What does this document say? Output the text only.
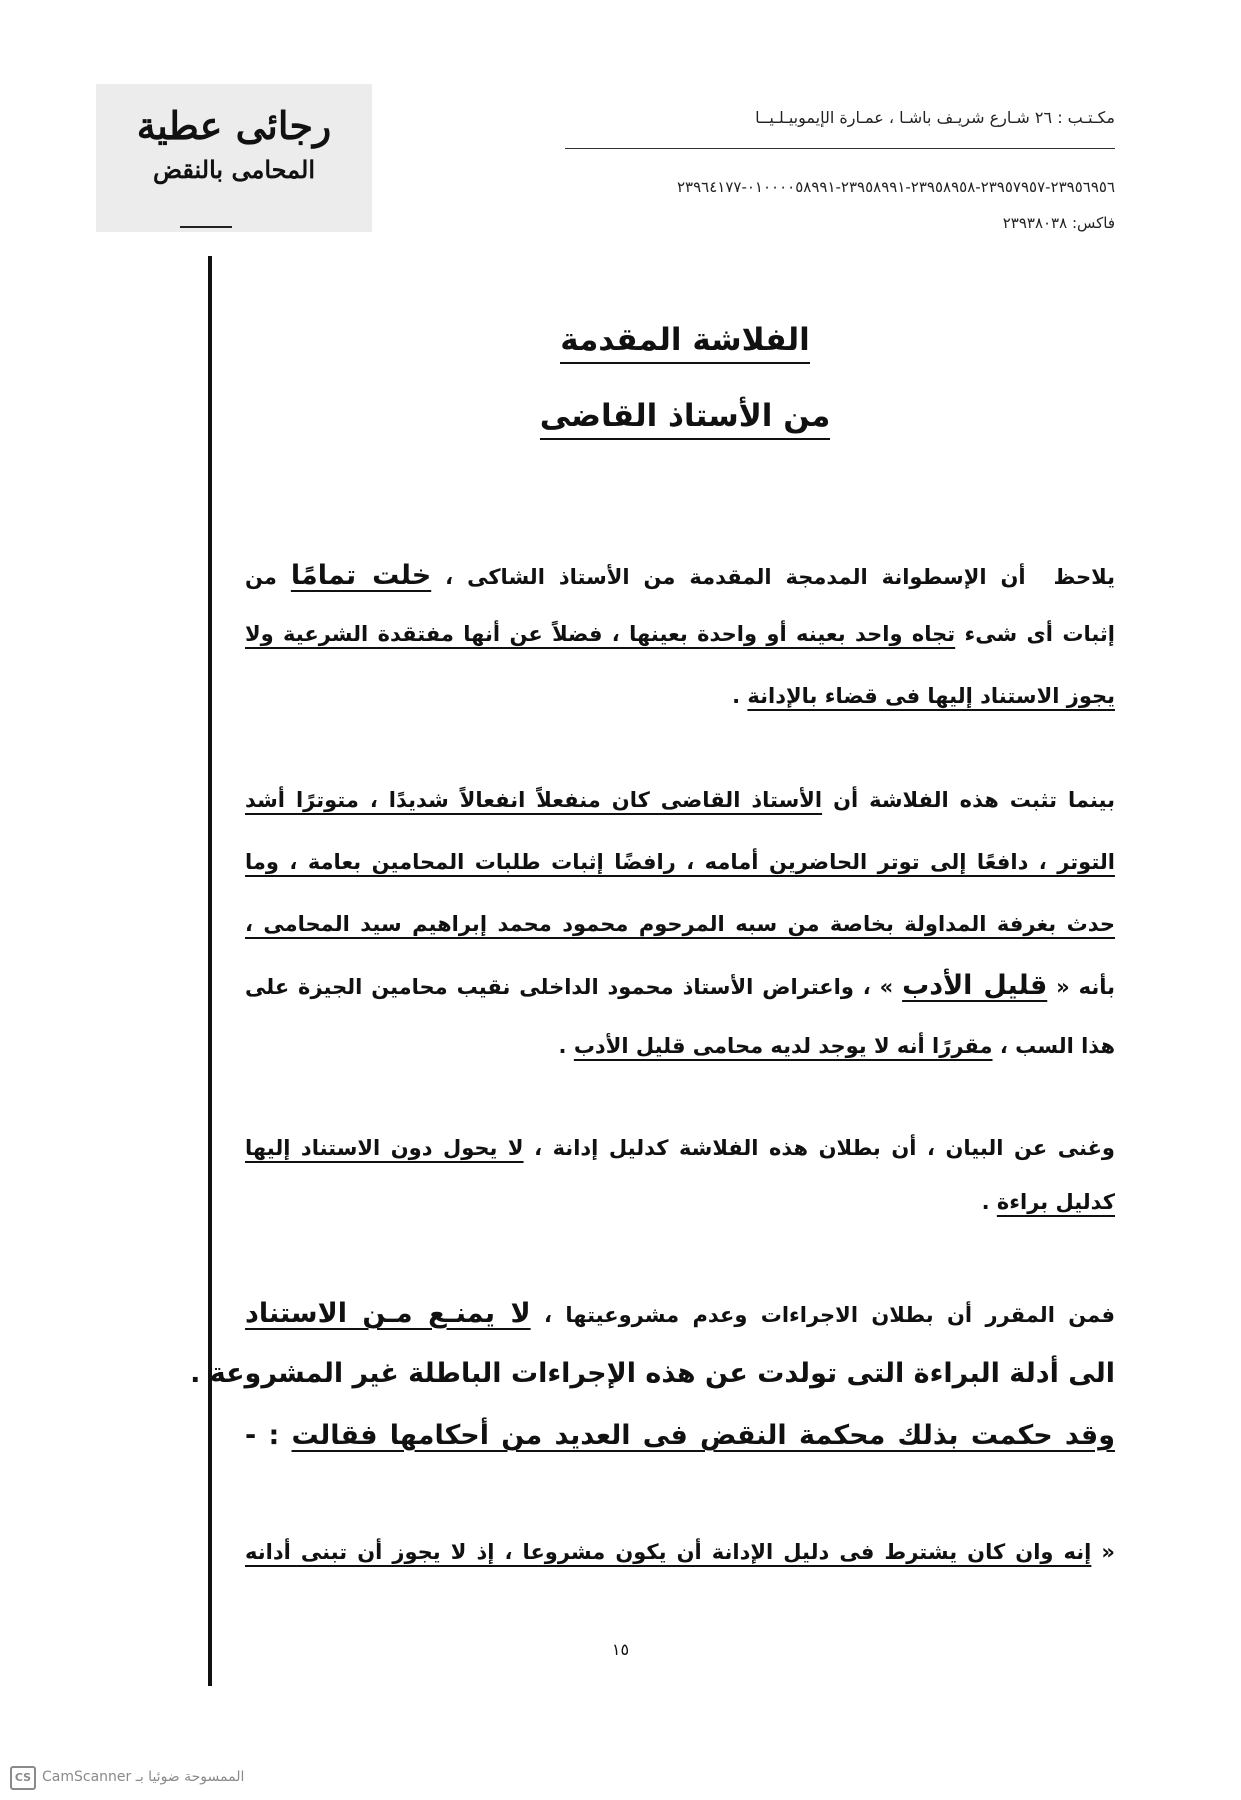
رجائى عطية
المحامى بالنقض
مكـتـب : ٢٦ شـارع شريـف باشـا ، عمـارة الإيموبيـلـيــا
٢٣٩٥٦٩٥٦-٢٣٩٥٧٩٥٧-٢٣٩٥٨٩٥٨-٢٣٩٥٨٩٩١-٠١٠٠٠٠٥٨٩٩١-٢٣٩٦٤١٧٧
فاكس: ٢٣٩٣٨٠٣٨
الفلاشة المقدمة
من الأستاذ القاضى
يلاحظ  أن الإسطوانة المدمجة المقدمة من الأستاذ الشاكى ، خلت تمامًا من
إثبات أى شىء تجاه واحد بعينه أو واحدة بعينها ، فضلاً عن أنها مفتقدة الشرعية ولا
يجوز الاستناد إليها فى قضاء بالإدانة .
بينما تثبت هذه الفلاشة أن الأستاذ القاضى كان منفعلاً انفعالاً شديدًا ، متوترًا أشد
التوتر ، دافعًا إلى توتر الحاضرين أمامه ، رافضًا إثبات طلبات المحامين بعامة ، وما
حدث بغرفة المداولة بخاصة من سبه المرحوم محمود محمد إبراهيم سيد المحامى ،
بأنه « قليل الأدب » ، واعتراض الأستاذ محمود الداخلى نقيب محامين الجيزة على
هذا السب ، مقررًا أنه لا يوجد لديه محامى قليل الأدب .
وغنى عن البيان ، أن بطلان هذه الفلاشة كدليل إدانة ، لا يحول دون الاستناد إليها
كدليل براءة .
فمن المقرر أن بطلان الاجراءات وعدم مشروعيتها ، لا يمنـع مـن الاستناد
الى أدلة البراءة التى تولدت عن هذه الإجراءات الباطلة غير المشروعة .
وقد حكمت بذلك محكمة النقض فى العديد من أحكامها فقالت : -
« إنه وان كان يشترط فى دليل الإدانة أن يكون مشروعا ، إذ لا يجوز أن تبنى أدانه
١٥
CS الممسوحة ضوئيا بـ CamScanner
